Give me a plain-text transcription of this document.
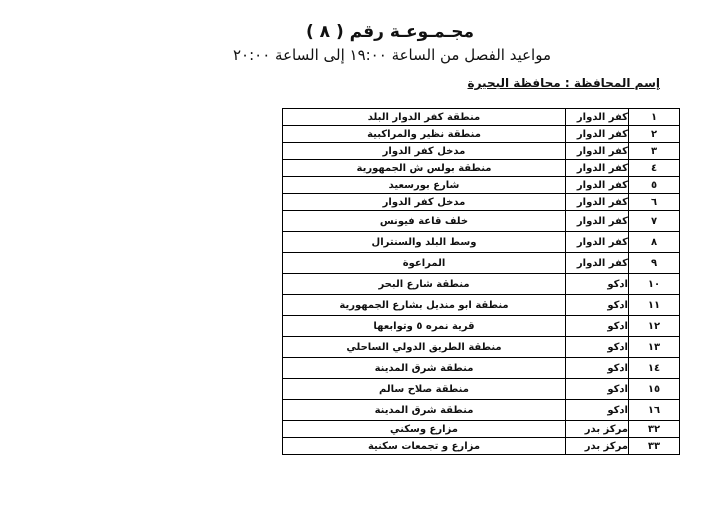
مجـمـوعـة رقم ( ٨ )
مواعيد الفصل من الساعة ١٩:٠٠ إلى الساعة ٢٠:٠٠
إسم المحافظة : محافظة البحيرة
١	كفر الدوار	منطقة كفر الدوار البلد
٢	كفر الدوار	منطقة نظير والمراكبية
٣	كفر الدوار	مدخل كفر الدوار
٤	كفر الدوار	منطقة بولس ش الجمهورية
٥	كفر الدوار	شارع بورسعيد
٦	كفر الدوار	مدخل كفر الدوار
٧	كفر الدوار	خلف قاعة فيونس
٨	كفر الدوار	وسط البلد والسنترال
٩	كفر الدوار	المراعوة
١٠	ادكو	منطقة شارع البحر
١١	ادكو	منطقة ابو منديل بشارع الجمهورية
١٢	ادكو	قرية نمره ٥ وتوابعها
١٣	ادكو	منطقة الطريق الدولي الساحلي
١٤	ادكو	منطقة شرق المدينة
١٥	ادكو	منطقة صلاح سالم
١٦	ادكو	منطقة شرق المدينة
٣٢	مركز بدر	مزارع وسكني
٣٣	مركز بدر	مزارع و تجمعات سكنية
